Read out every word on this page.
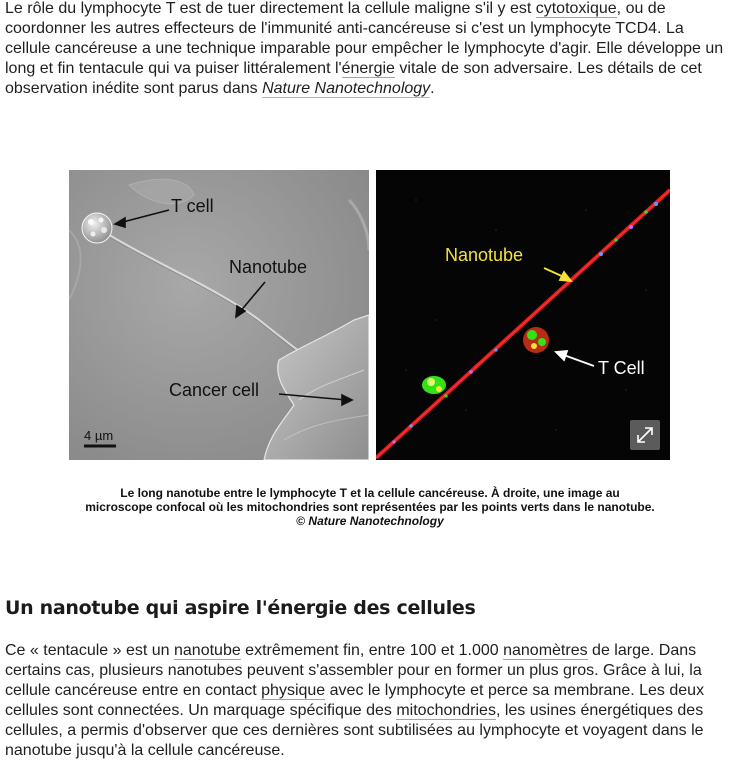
Le rôle du lymphocyte T est de tuer directement la cellule maligne s'il y est cytotoxique, ou de coordonner les autres effecteurs de l'immunité anti-cancéreuse si c'est un lymphocyte TCD4. La cellule cancéreuse a une technique imparable pour empêcher le lymphocyte d'agir. Elle développe un long et fin tentacule qui va puiser littéralement l'énergie vitale de son adversaire. Les détails de cet observation inédite sont parus dans Nature Nanotechnology.

T cell
Nanotube
Cancer cell
4 µm
Nanotube
T Cell

Le long nanotube entre le lymphocyte T et la cellule cancéreuse. À droite, une image au microscope confocal où les mitochondries sont représentées par les points verts dans le nanotube. © Nature Nanotechnology

Un nanotube qui aspire l'énergie des cellules

Ce « tentacule » est un nanotube extrêmement fin, entre 100 et 1.000 nanomètres de large. Dans certains cas, plusieurs nanotubes peuvent s'assembler pour en former un plus gros. Grâce à lui, la cellule cancéreuse entre en contact physique avec le lymphocyte et perce sa membrane. Les deux cellules sont connectées. Un marquage spécifique des mitochondries, les usines énergétiques des cellules, a permis d'observer que ces dernières sont subtilisées au lymphocyte et voyagent dans le nanotube jusqu'à la cellule cancéreuse.
